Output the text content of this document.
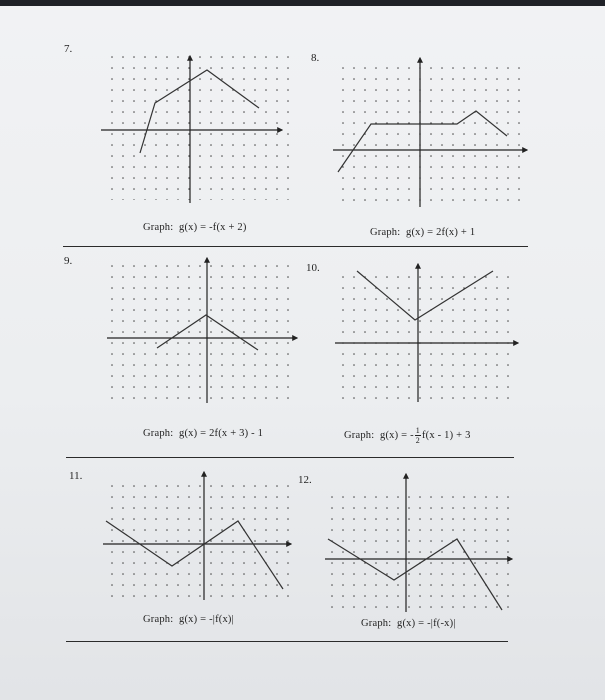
7.
8.
9.
10.
11.	12.
Graph: g(x) = -f(x + 2)	Graph: g(x) = 2f(x) + 1
Graph: g(x) = 2f(x + 3) - 1	Graph: g(x) = - $\frac{1}{2} f(x - 1) + 3$
Graph: g(x) = -|f(x)|	Graph: g(x) = -|f(-x)|
